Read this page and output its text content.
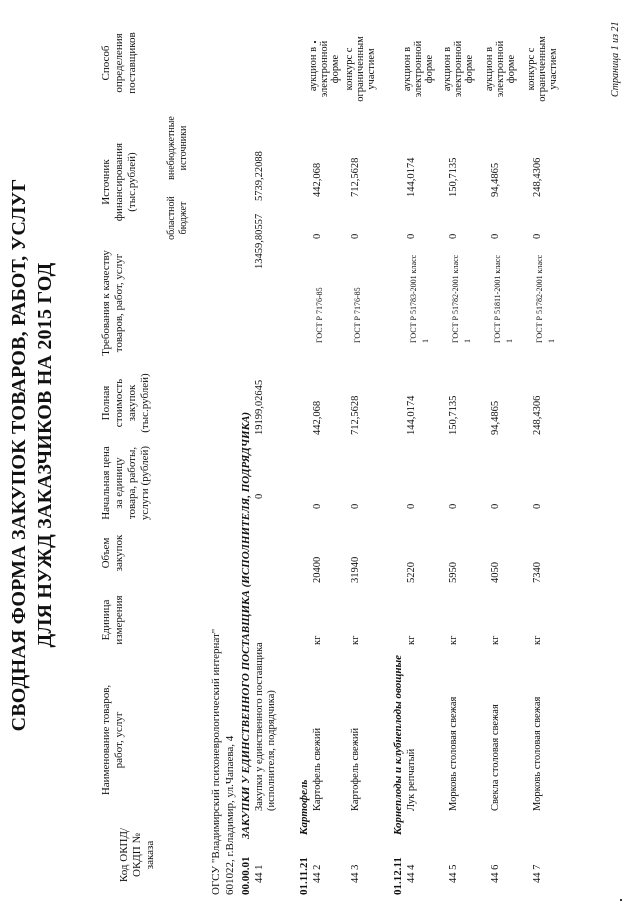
СВОДНАЯ ФОРМА ЗАКУПОК ТОВАРОВ, РАБОТ, УСЛУГ ДЛЯ НУЖД ЗАКАЗЧИКОВ НА 2015 ГОД
Код ОКПД/ ОКДП № заказа
Наименование товаров, работ, услуг
Единица измерения
Объем закупок
Начальная цена за единицу товара, работы, услуги (рублей)
Полная стоимость закупок (тыс.рублей)
Требования к качеству товаров, работ, услуг
Источник финансирования (тыс.рублей)
областной бюджет
внебюджетные источники
Способ определения поставщиков
ОГСУ "Владимирский психоневрологический интернат" 601022, г.Владимир, ул.Чапаева, 4 00.00.01
ЗАКУПКИ У ЕДИНСТВЕННОГО ПОСТАВЩИКА (ИСПОЛНИТЕЛЯ, ПОДРЯДЧИКА)
44 1
Закупки у единственного поставщика (исполнителя, подрядчика)
0
19199,02645
13459,80557
5739,22088
01.11.21
Картофель
44 2
Картофель свежий
кг
20400
0
442,068
ГОСТ Р 7176-85
0
442,068
аукцион в электронной форме
44 3
Картофель свежий
кг
31940
0
712,5628
ГОСТ Р 7176-85
0
712,5628
конкурс с ограниченным участием
01.12.11
Корнеплоды и клубнеплоды овощные
44 4
Лук репчатый
кг
5220
0
144,0174
ГОСТ Р 51783-2001 класс 1
0
144,0174
аукцион в электронной форме
44 5
Морковь столовая свежая
кг
5950
0
150,7135
ГОСТ Р 51782-2001 класс 1
0
150,7135
аукцион в электронной форме
44 6
Свекла столовая свежая
кг
4050
0
94,4865
ГОСТ Р 51811-2001 класс 1
0
94,4865
аукцион в электронной форме
44 7
Морковь столовая свежая
кг
7340
0
248,4306
ГОСТ Р 51782-2001 класс 1
0
248,4306
конкурс с ограниченным участием	Страница 1 из 21
